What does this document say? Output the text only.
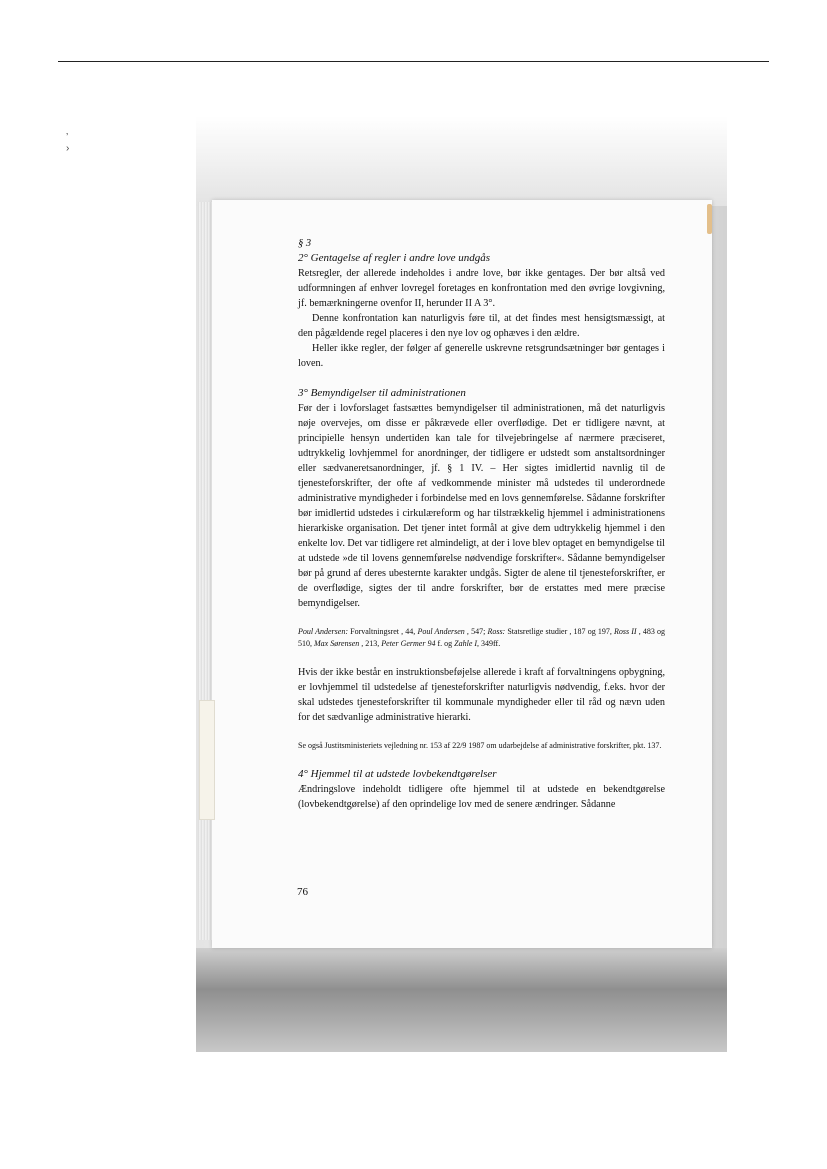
’
›

§ 3

2° Gentagelse af regler i andre love undgås

Retsregler, der allerede indeholdes i andre love, bør ikke gentages. Der bør altså ved udformningen af enhver lovregel foretages en konfrontation med den øvrige lovgivning, jf. bemærkningerne ovenfor II, herunder II A 3°.

Denne konfrontation kan naturligvis føre til, at det findes mest hensigtsmæssigt, at den pågældende regel placeres i den nye lov og ophæves i den ældre.

Heller ikke regler, der følger af generelle uskrevne retsgrundsætninger bør gentages i loven.

3° Bemyndigelser til administrationen

Før der i lovforslaget fastsættes bemyndigelser til administrationen, må det naturligvis nøje overvejes, om disse er påkrævede eller overflødige. Det er tidligere nævnt, at principielle hensyn undertiden kan tale for tilvejebringelse af nærmere præciseret, udtrykkelig lovhjemmel for anordninger, der tidligere er udstedt som anstaltsordninger eller sædvaneretsanordninger, jf. § 1 IV. – Her sigtes imidlertid navnlig til de tjenesteforskrifter, der ofte af vedkommende minister må udstedes til underordnede administrative myndigheder i forbindelse med en lovs gennemførelse. Sådanne forskrifter bør imidlertid udstedes i cirkulæreform og har tilstrækkelig hjemmel i administrationens hierarkiske organisation. Det tjener intet formål at give dem udtrykkelig hjemmel i den enkelte lov. Det var tidligere ret almindeligt, at der i love blev optaget en bemyndigelse til at udstede »de til lovens gennemførelse nødvendige forskrifter«. Sådanne bemyndigelser bør på grund af deres ubesternte karakter undgås. Sigter de alene til tjenesteforskrifter, er de overflødige, sigtes der til andre forskrifter, bør de erstattes med mere præcise bemyndigelser.

Poul Andersen: Forvaltningsret , 44, Poul Andersen , 547; Ross: Statsretlige studier , 187 og 197, Ross II , 483 og 510, Max Sørensen , 213, Peter Germer 94 f. og Zahle I, 349ff.

Hvis der ikke består en instruktionsbeføjelse allerede i kraft af forvaltningens opbygning, er lovhjemmel til udstedelse af tjenesteforskrifter naturligvis nødvendig, f.eks. hvor der skal udstedes tjenesteforskrifter til kommunale myndigheder eller til råd og nævn uden for det sædvanlige administrative hierarki.

Se også Justitsministeriets vejledning nr. 153 af 22/9 1987 om udarbejdelse af administrative forskrifter, pkt. 137.

4° Hjemmel til at udstede lovbekendtgørelser

Ændringslove indeholdt tidligere ofte hjemmel til at udstede en bekendtgørelse (lovbekendtgørelse) af den oprindelige lov med de senere ændringer. Sådanne

76
